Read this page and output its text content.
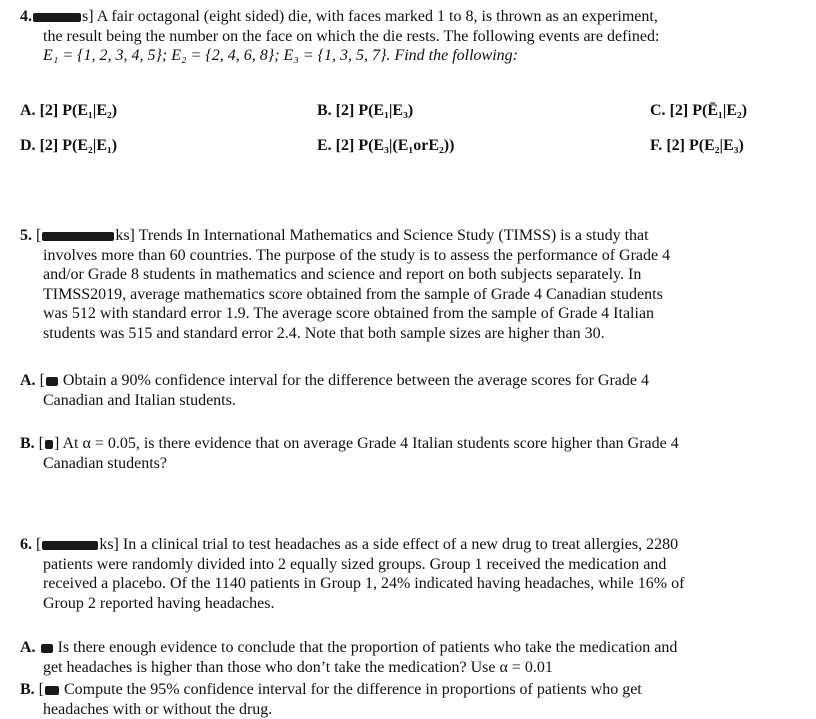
4.	s] A fair octagonal (eight sided) die, with faces marked 1 to 8, is thrown as an experiment,
the result being the number on the face on which the die rests. The following events are defined:
E₁ = {1, 2, 3, 4, 5}; E₂ = {2, 4, 6, 8}; E₃ = {1, 3, 5, 7}. Find the following:
A. [2] P(E₁|E₂)	B. [2] P(E₁|E₃)	C. [2] P(Ē₁|E₂)
D. [2] P(E₂|E₁)	E. [2] P(E₃|(E₁orE₂))	F. [2] P(E₂|E₃)
5. [	ks] Trends In International Mathematics and Science Study (TIMSS) is a study that
involves more than 60 countries. The purpose of the study is to assess the performance of Grade 4
and/or Grade 8 students in mathematics and science and report on both subjects separately. In
TIMSS2019, average mathematics score obtained from the sample of Grade 4 Canadian students
was 512 with standard error 1.9. The average score obtained from the sample of Grade 4 Italian
students was 515 and standard error 2.4. Note that both sample sizes are higher than 30.
A. [ Obtain a 90% confidence interval for the difference between the average scores for Grade 4
Canadian and Italian students.
B. [ ] At α = 0.05, is there evidence that on average Grade 4 Italian students score higher than Grade 4
Canadian students?
6. [	ks] In a clinical trial to test headaches as a side effect of a new drug to treat allergies, 2280
patients were randomly divided into 2 equally sized groups. Group 1 received the medication and
received a placebo. Of the 1140 patients in Group 1, 24% indicated having headaches, while 16% of
Group 2 reported having headaches.
A. Is there enough evidence to conclude that the proportion of patients who take the medication and
get headaches is higher than those who don’t take the medication? Use α = 0.01
B. [ Compute the 95% confidence interval for the difference in proportions of patients who get
headaches with or without the drug.
